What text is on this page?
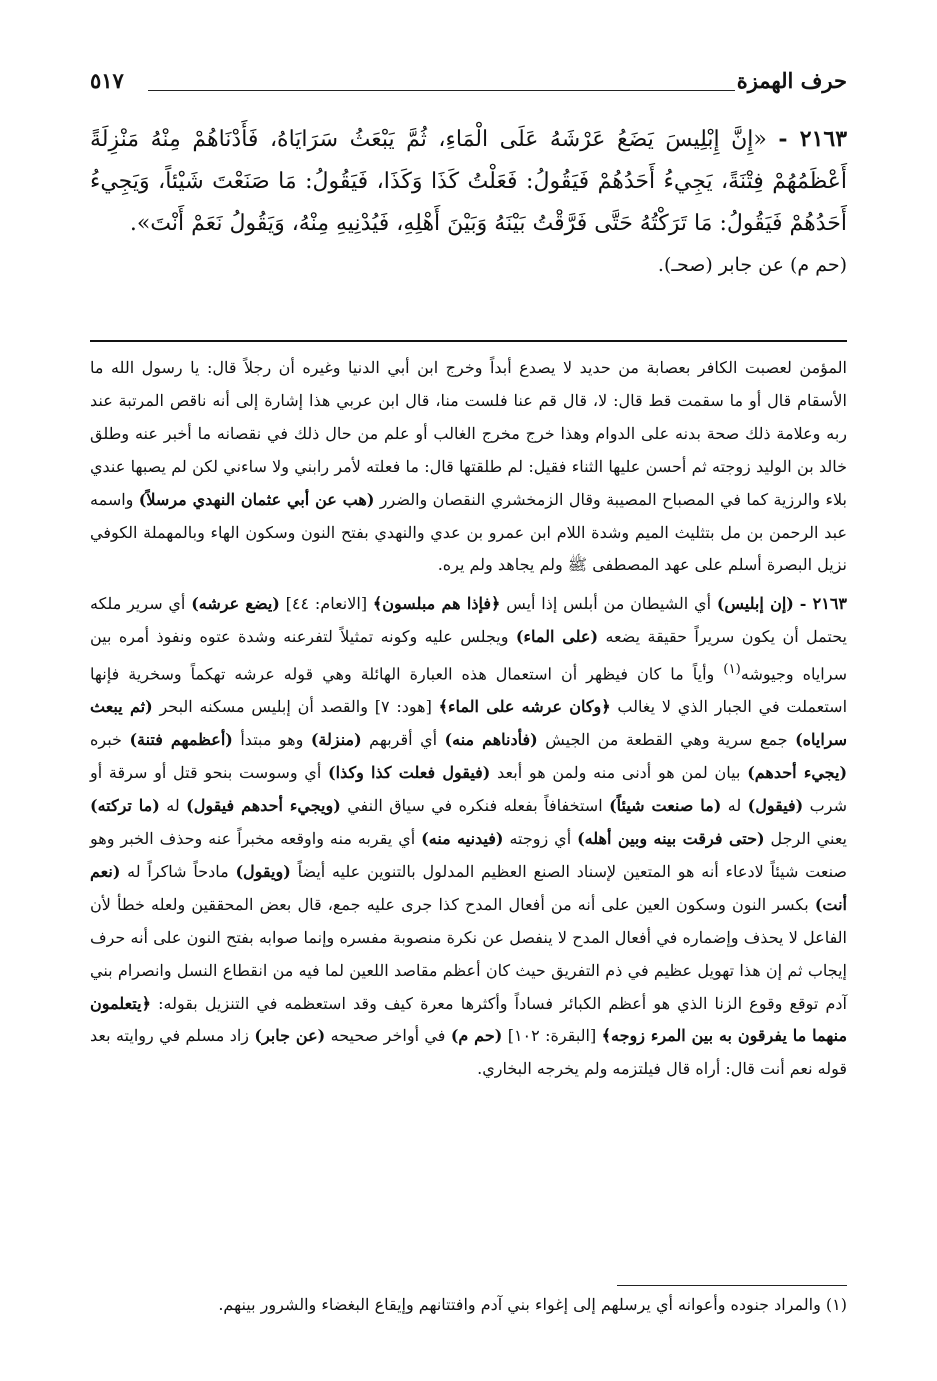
حرف الهمزة
٥١٧
٢١٦٣ - «إِنَّ إِبْلِيسَ يَضَعُ عَرْشَهُ عَلَى الْمَاءِ، ثُمَّ يَبْعَثُ سَرَايَاهُ، فَأَدْنَاهُمْ مِنْهُ مَنْزِلَةً أَعْظَمُهُمْ فِتْنَةً، يَجِيءُ أَحَدُهُمْ فَيَقُولُ: فَعَلْتُ كَذَا وَكَذَا، فَيَقُولُ: مَا صَنَعْتَ شَيْئاً، وَيَجِيءُ أَحَدُهُمْ فَيَقُولُ: مَا تَرَكْتُهُ حَتَّى فَرَّقْتُ بَيْنَهُ وَبَيْنَ أَهْلِهِ، فَيُدْنِيهِ مِنْهُ، وَيَقُولُ نَعَمْ أَنْتَ».
(حم م) عن جابر (صحـ).

المؤمن لعصبت الكافر بعصابة من حديد لا يصدع أبداً وخرج ابن أبي الدنيا وغيره أن رجلاً قال: يا رسول الله ما الأسقام قال أو ما سقمت قط قال: لا، قال قم عنا فلست منا، قال ابن عربي هذا إشارة إلى أنه ناقص المرتبة عند ربه وعلامة ذلك صحة بدنه على الدوام وهذا خرج مخرج الغالب أو علم من حال ذلك في نقصانه ما أخبر عنه وطلق خالد بن الوليد زوجته ثم أحسن عليها الثناء فقيل: لم طلقتها قال: ما فعلته لأمر رابني ولا ساءني لكن لم يصبها عندي بلاء والرزية كما في المصباح المصيبة وقال الزمخشري النقصان والضرر (هب عن أبي عثمان النهدي مرسلاً) واسمه عبد الرحمن بن مل بتثليث الميم وشدة اللام ابن عمرو بن عدي والنهدي بفتح النون وسكون الهاء وبالمهملة الكوفي نزيل البصرة أسلم على عهد المصطفى ﷺ ولم يجاهد ولم يره.

٢١٦٣ - (إن إبليس) أي الشيطان من أبلس إذا أيس ﴿فإذا هم مبلسون﴾ [الانعام: ٤٤] (يضع عرشه) أي سرير ملكه يحتمل أن يكون سريراً حقيقة يضعه (على الماء) ويجلس عليه وكونه تمثيلاً لتفرعنه وشدة عتوه ونفوذ أمره بين سراياه وجيوشه$^{(١)}$ وأياً ما كان فيظهر أن استعمال هذه العبارة الهائلة وهي قوله عرشه تهكماً وسخرية فإنها استعملت في الجبار الذي لا يغالب ﴿وكان عرشه على الماء﴾ [هود: ٧] والقصد أن إبليس مسكنه البحر (ثم يبعث سراياه) جمع سرية وهي القطعة من الجيش (فأدناهم منه) أي أقربهم (منزلة) وهو مبتدأ (أعظمهم فتنة) خبره (يجيء أحدهم) بيان لمن هو أدنى منه ولمن هو أبعد (فيقول فعلت كذا وكذا) أي وسوست بنحو قتل أو سرقة أو شرب (فيقول) له (ما صنعت شيئاً) استخفافاً بفعله فنكره في سياق النفي (ويجيء أحدهم فيقول) له (ما تركته) يعني الرجل (حتى فرقت بينه وبين أهله) أي زوجته (فيدنيه منه) أي يقربه منه واوقعه مخبراً عنه وحذف الخبر وهو صنعت شيئاً لادعاء أنه هو المتعين لإسناد الصنع العظيم المدلول بالتنوين عليه أيضاً (ويقول) مادحاً شاكراً له (نعم أنت) بكسر النون وسكون العين على أنه من أفعال المدح كذا جرى عليه جمع، قال بعض المحققين ولعله خطأ لأن الفاعل لا يحذف وإضماره في أفعال المدح لا ينفصل عن نكرة منصوبة مفسره وإنما صوابه بفتح النون على أنه حرف إيجاب ثم إن هذا تهويل عظيم في ذم التفريق حيث كان أعظم مقاصد اللعين لما فيه من انقطاع النسل وانصرام بني آدم توقع وقوع الزنا الذي هو أعظم الكبائر فساداً وأكثرها معرة كيف وقد استعظمه في التنزيل بقوله: ﴿يتعلمون منهما ما يفرقون به بين المرء زوجه﴾ [البقرة: ١٠٢] (حم م) في أواخر صحيحه (عن جابر) زاد مسلم في روايته بعد قوله نعم أنت قال: أراه قال فيلتزمه ولم يخرجه البخاري.

(١) والمراد جنوده وأعوانه أي يرسلهم إلى إغواء بني آدم وافتتانهم وإيقاع البغضاء والشرور بينهم.
